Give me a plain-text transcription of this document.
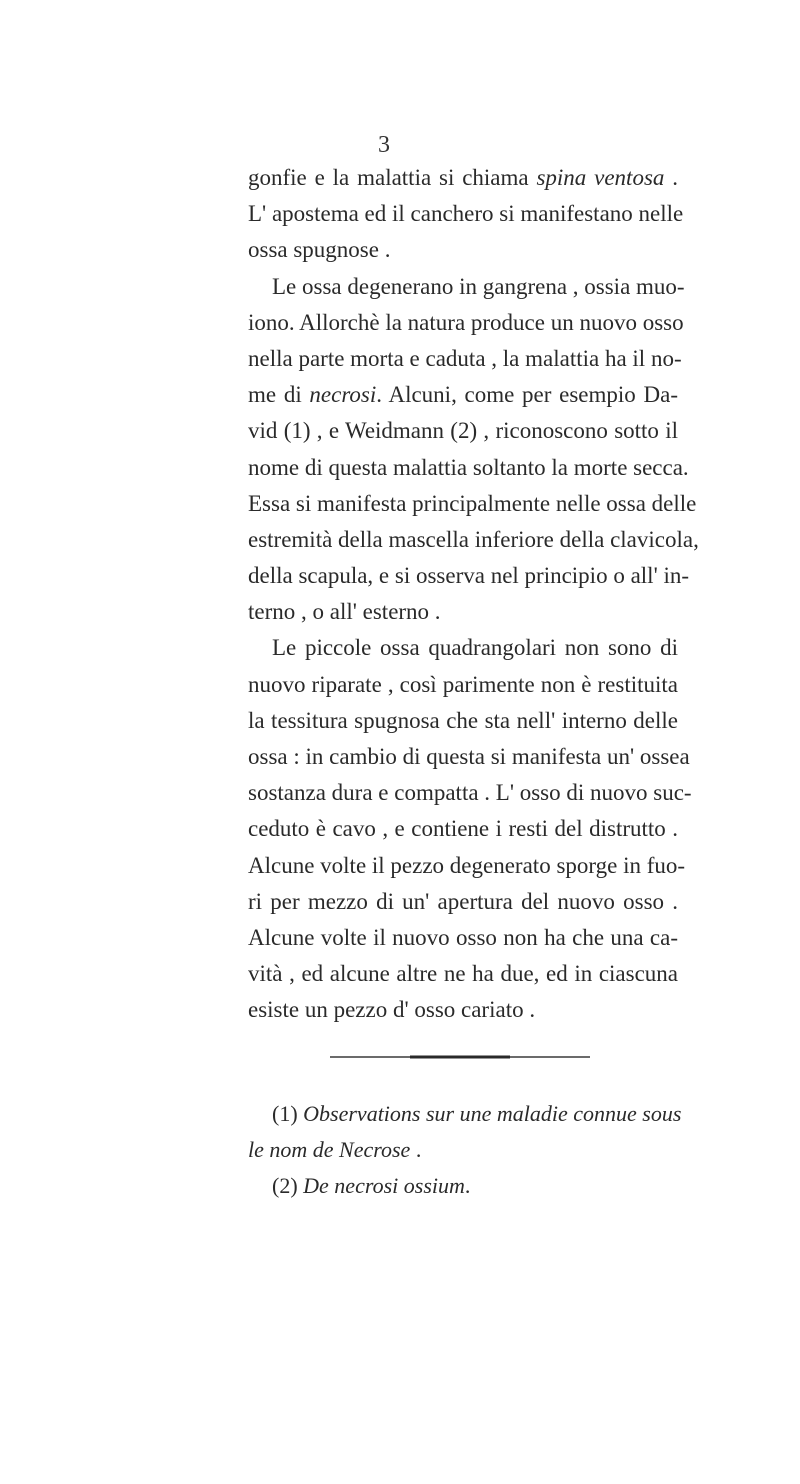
3
gonfie e la malattia si chiama spina ventosa .
L' apostema ed il canchero si manifestano nelle
ossa spugnose .
Le ossa degenerano in gangrena , ossia muo-
iono. Allorchè la natura produce un nuovo osso
nella parte morta e caduta , la malattia ha il no-
me di necrosi. Alcuni, come per esempio Da-
vid (1) , e Weidmann (2) , riconoscono sotto il
nome di questa malattia soltanto la morte secca.
Essa si manifesta principalmente nelle ossa delle
estremità della mascella inferiore della clavicola,
della scapula, e si osserva nel principio o all' in-
terno , o all' esterno .
Le piccole ossa quadrangolari non sono di
nuovo riparate , così parimente non è restituita
la tessitura spugnosa che sta nell' interno delle
ossa : in cambio di questa si manifesta un' ossea
sostanza dura e compatta . L' osso di nuovo suc-
ceduto è cavo , e contiene i resti del distrutto .
Alcune volte il pezzo degenerato sporge in fuo-
ri per mezzo di un' apertura del nuovo osso .
Alcune volte il nuovo osso non ha che una ca-
vità , ed alcune altre ne ha due, ed in ciascuna
esiste un pezzo d' osso cariato .
(1) Observations sur une maladie connue sous
le nom de Necrose .
(2) De necrosi ossium.
